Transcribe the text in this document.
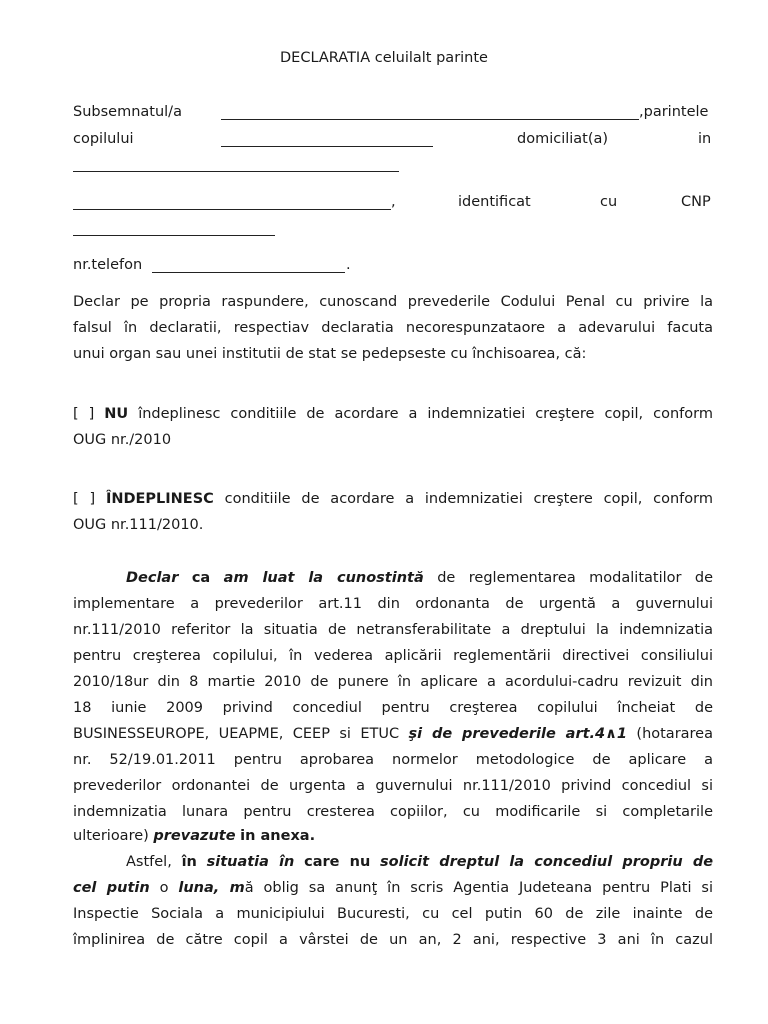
DECLARATIA celuilalt parinte
Subsemnatul/a	,parintele
copilului	domiciliat(a)	in
,	identificat	cu	CNP
nr.telefon	.
Declar pe propria raspundere, cunoscand prevederile Codului Penal cu privire la
falsul în declaratii, respectiav declaratia necorespunzataore a adevarului facuta
unui organ sau unei institutii de stat se pedepseste cu închisoarea, că:
[ ] NU îndeplinesc conditiile de acordare a indemnizatiei creştere copil, conform
OUG nr./2010
[ ] ÎNDEPLINESC conditiile de acordare a indemnizatiei creştere copil, conform
OUG nr.111/2010.
Declar ca am luat la cunostintă de reglementarea modalitatilor de
implementare a prevederilor art.11 din ordonanta de urgentă a guvernului
nr.111/2010 referitor la situatia de netransferabilitate a dreptului la indemnizatia
pentru creşterea copilului, în vederea aplicării reglementării directivei consiliului
2010/18ur din 8 martie 2010 de punere în aplicare a acordului-cadru revizuit din
18 iunie 2009 privind concediul pentru creşterea copilului încheiat de
BUSINESSEUROPE, UEAPME, CEEP si ETUC şi de prevederile art.4∧1 (hotararea
nr. 52/19.01.2011 pentru aprobarea normelor metodologice de aplicare a
prevederilor ordonantei de urgenta a guvernului nr.111/2010 privind concediul si
indemnizatia lunara pentru cresterea copiilor, cu modificarile si completarile
ulterioare) prevazute in anexa.
Astfel, în situatia în care nu solicit dreptul la concediul propriu de
cel putin o luna, mă oblig sa anunţ în scris Agentia Judeteana pentru Plati si
Inspectie Sociala a municipiului Bucuresti, cu cel putin 60 de zile inainte de
împlinirea de către copil a vârstei de un an, 2 ani, respective 3 ani în cazul
